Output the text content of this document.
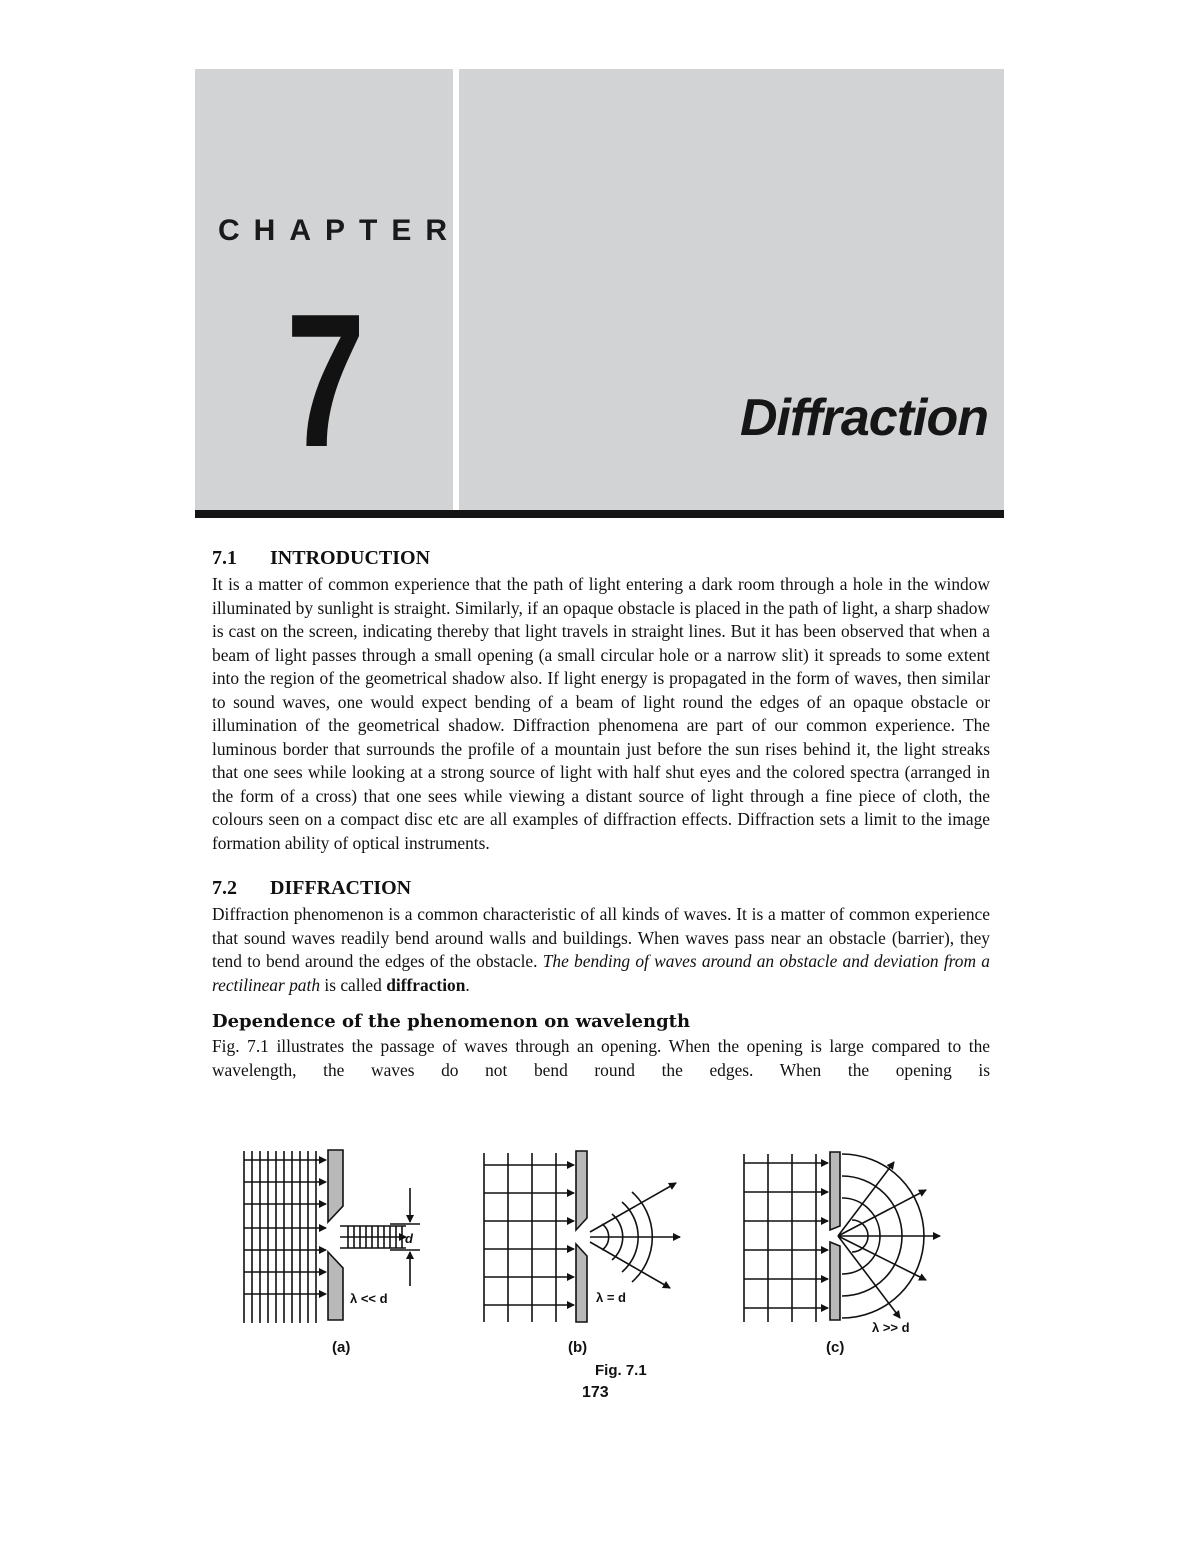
CHAPTER
7	Diffraction
7.1 INTRODUCTION

It is a matter of common experience that the path of light entering a dark room through a hole in the window illuminated by sunlight is straight. Similarly, if an opaque obstacle is placed in the path of light, a sharp shadow is cast on the screen, indicating thereby that light travels in straight lines. But it has been observed that when a beam of light passes through a small opening (a small circular hole or a narrow slit) it spreads to some extent into the region of the geometrical shadow also. If light energy is propagated in the form of waves, then similar to sound waves, one would expect bending of a beam of light round the edges of an opaque obstacle or illumination of the geometrical shadow. Diffraction phenomena are part of our common experience. The luminous border that surrounds the profile of a mountain just before the sun rises behind it, the light streaks that one sees while looking at a strong source of light with half shut eyes and the colored spectra (arranged in the form of a cross) that one sees while viewing a distant source of light through a fine piece of cloth, the colours seen on a compact disc etc are all examples of diffraction effects. Diffraction sets a limit to the image formation ability of optical instruments.

7.2 DIFFRACTION

Diffraction phenomenon is a common characteristic of all kinds of waves. It is a matter of common experience that sound waves readily bend around walls and buildings. When waves pass near an obstacle (barrier), they tend to bend around the edges of the obstacle. The bending of waves around an obstacle and deviation from a rectilinear path is called diffraction.

Dependence of the phenomenon on wavelength

Fig. 7.1 illustrates the passage of waves through an opening. When the opening is large compared to the wavelength, the waves do not bend round the edges. When the opening is

d
λ << d	λ = d
λ >> d
(a)	(b)	(c)
Fig. 7.1
173
